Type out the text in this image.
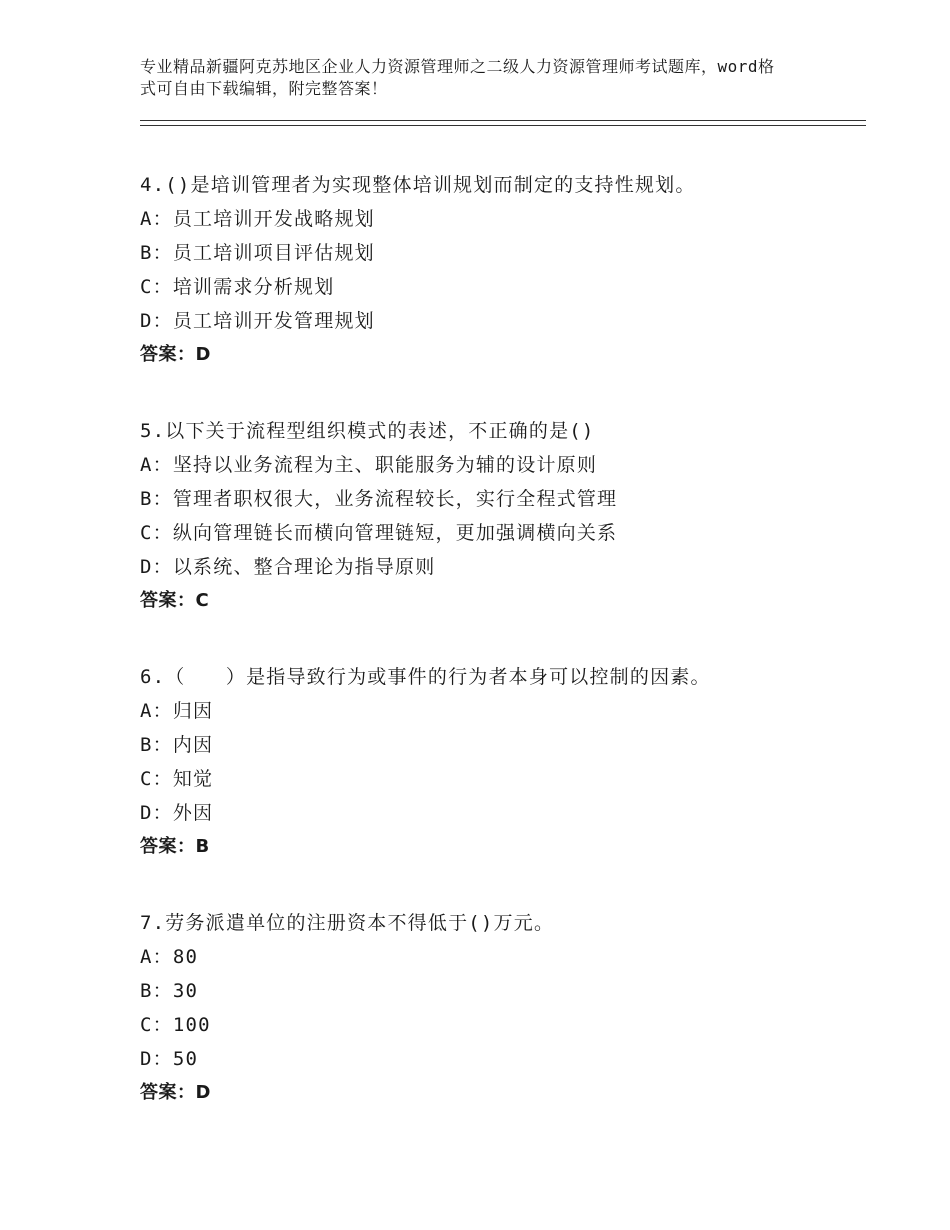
专业精品新疆阿克苏地区企业人力资源管理师之二级人力资源管理师考试题库，word格式可自由下载编辑，附完整答案！
4.()是培训管理者为实现整体培训规划而制定的支持性规划。
A：员工培训开发战略规划
B：员工培训项目评估规划
C：培训需求分析规划
D：员工培训开发管理规划
答案：D
5.以下关于流程型组织模式的表述，不正确的是()
A：坚持以业务流程为主、职能服务为辅的设计原则
B：管理者职权很大，业务流程较长，实行全程式管理
C：纵向管理链长而横向管理链短，更加强调横向关系
D：以系统、整合理论为指导原则
答案：C
6.（　　）是指导致行为或事件的行为者本身可以控制的因素。
A：归因
B：内因
C：知觉
D：外因
答案：B
7.劳务派遣单位的注册资本不得低于()万元。
A：80
B：30
C：100
D：50
答案：D
